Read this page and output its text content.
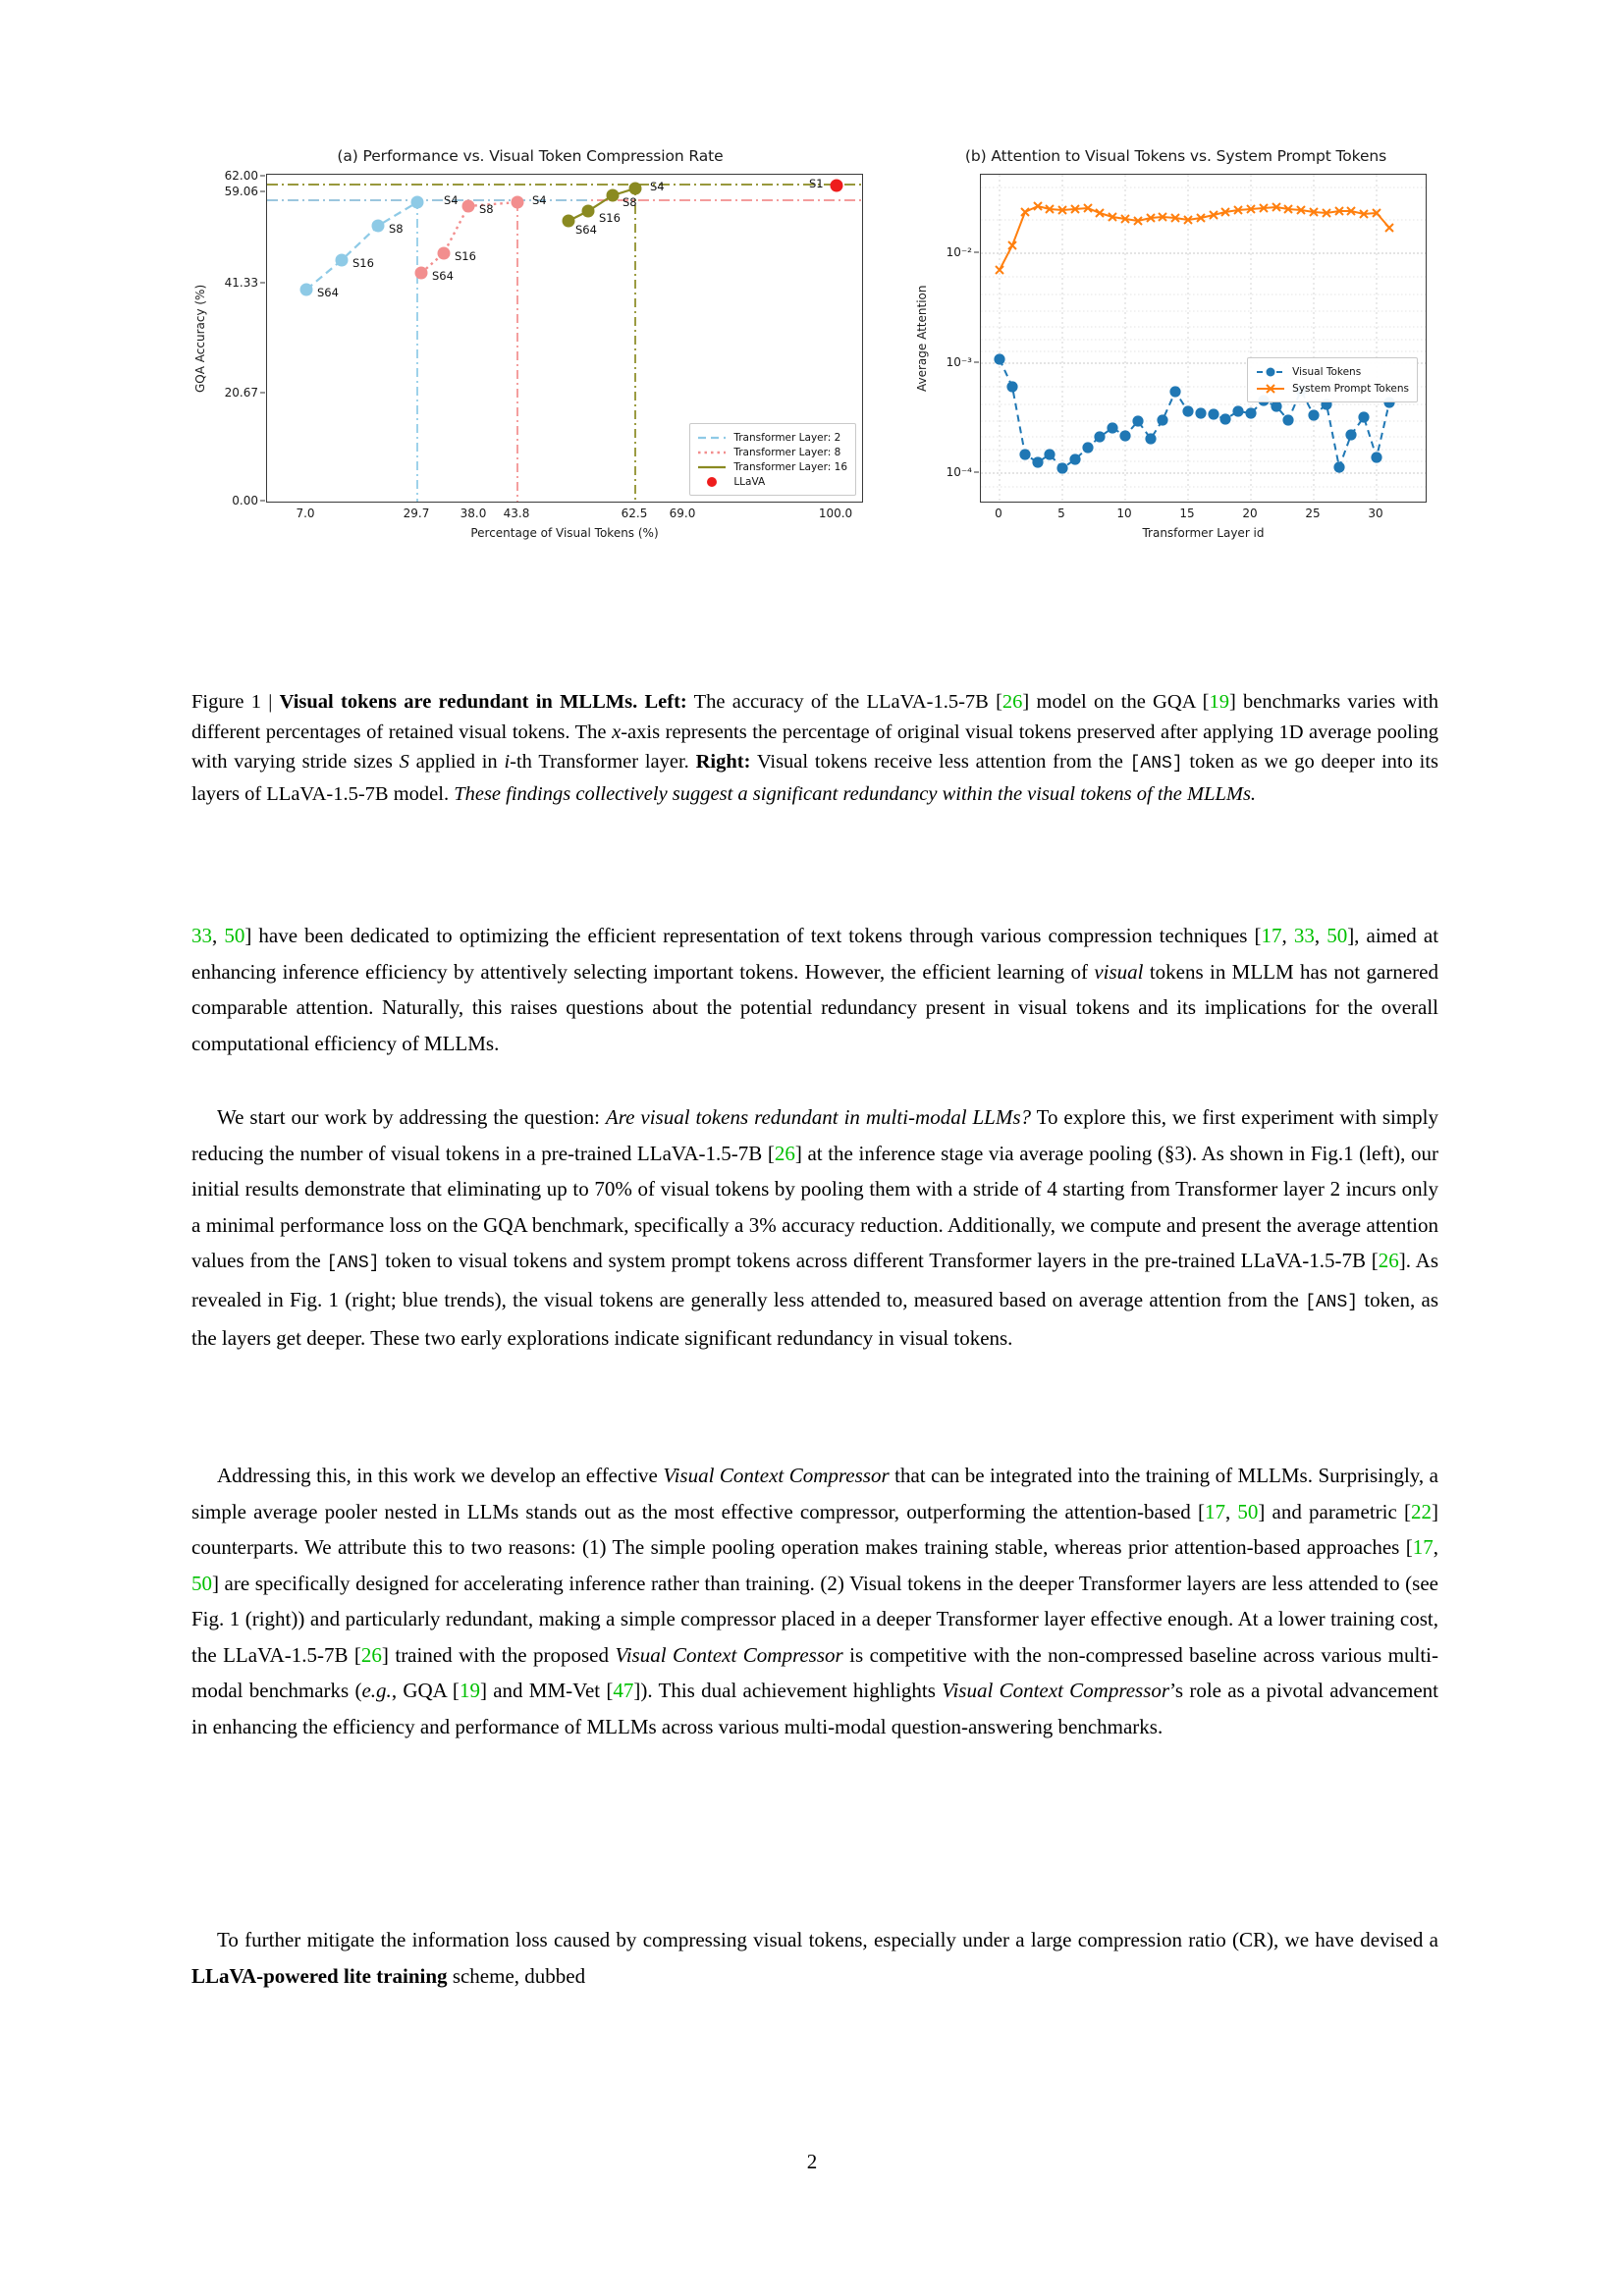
(a) Performance vs. Visual Token Compression Rate
GQA Accuracy (%)
62.00
59.06
41.33
20.67
0.00
S64
S16
S8
S4
S64
S16
S8
S4
S64
S16
S8
S4	S1
Transformer Layer: 2
Transformer Layer: 8
Transformer Layer: 16
LLaVA
7.0	29.7	38.0 43.8	62.5 69.0	100.0
Percentage of Visual Tokens (%)
(b) Attention to Visual Tokens vs. System Prompt Tokens
Average Attention
10⁻²
10⁻³
10⁻⁴
Visual Tokens
System Prompt Tokens
0	5	10	15	20	25	30
Transformer Layer id
Figure 1 | Visual tokens are redundant in MLLMs. Left: The accuracy of the LLaVA-1.5-7B [26] model on the GQA [19] benchmarks varies with different percentages of retained visual tokens. The x-axis represents the percentage of original visual tokens preserved after applying 1D average pooling with varying stride sizes S applied in i-th Transformer layer. Right: Visual tokens receive less attention from the [ANS] token as we go deeper into its layers of LLaVA-1.5-7B model. These findings collectively suggest a significant redundancy within the visual tokens of the MLLMs.

33, 50] have been dedicated to optimizing the efficient representation of text tokens through various compression techniques [17, 33, 50], aimed at enhancing inference efficiency by attentively selecting important tokens. However, the efficient learning of visual tokens in MLLM has not garnered comparable attention. Naturally, this raises questions about the potential redundancy present in visual tokens and its implications for the overall computational efficiency of MLLMs.

We start our work by addressing the question: Are visual tokens redundant in multi-modal LLMs? To explore this, we first experiment with simply reducing the number of visual tokens in a pre-trained LLaVA-1.5-7B [26] at the inference stage via average pooling (§3). As shown in Fig.1 (left), our initial results demonstrate that eliminating up to 70% of visual tokens by pooling them with a stride of 4 starting from Transformer layer 2 incurs only a minimal performance loss on the GQA benchmark, specifically a 3% accuracy reduction. Additionally, we compute and present the average attention values from the [ANS] token to visual tokens and system prompt tokens across different Transformer layers in the pre-trained LLaVA-1.5-7B [26]. As revealed in Fig. 1 (right; blue trends), the visual tokens are generally less attended to, measured based on average attention from the [ANS] token, as the layers get deeper. These two early explorations indicate significant redundancy in visual tokens.

Addressing this, in this work we develop an effective Visual Context Compressor that can be integrated into the training of MLLMs. Surprisingly, a simple average pooler nested in LLMs stands out as the most effective compressor, outperforming the attention-based [17, 50] and parametric [22] counterparts. We attribute this to two reasons: (1) The simple pooling operation makes training stable, whereas prior attention-based approaches [17, 50] are specifically designed for accelerating inference rather than training. (2) Visual tokens in the deeper Transformer layers are less attended to (see Fig. 1 (right)) and particularly redundant, making a simple compressor placed in a deeper Transformer layer effective enough. At a lower training cost, the LLaVA-1.5-7B [26] trained with the proposed Visual Context Compressor is competitive with the non-compressed baseline across various multi-modal benchmarks (e.g., GQA [19] and MM-Vet [47]). This dual achievement highlights Visual Context Compressor’s role as a pivotal advancement in enhancing the efficiency and performance of MLLMs across various multi-modal question-answering benchmarks.

To further mitigate the information loss caused by compressing visual tokens, especially under a large compression ratio (CR), we have devised a LLaVA-powered lite training scheme, dubbed

2
